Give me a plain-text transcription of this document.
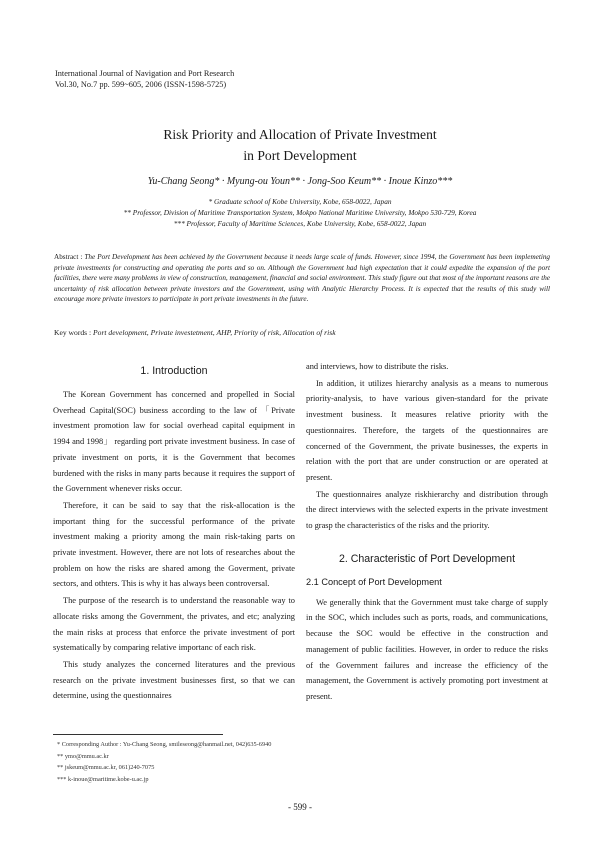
International Journal of Navigation and Port Research
Vol.30, No.7 pp. 599~605, 2006 (ISSN-1598-5725)
Risk Priority and Allocation of Private Investment
in Port Development
Yu-Chang Seong* · Myung-ou Youn** · Jong-Soo Keum** · Inoue Kinzo***
* Graduate school of Kobe University, Kobe, 658-0022, Japan
** Professor, Division of Maritime Transportation System, Mokpo National Maritime University, Mokpo 530-729, Korea
*** Professor, Faculty of Maritime Sciences, Kobe University, Kobe, 658-0022, Japan
Abstract : The Port Development has been achieved by the Government because it needs large scale of funds. However, since 1994, the Government has been implemeting private investments for constructing and operating the ports and so on. Although the Government had high expectation that it could expedite the expansion of the port facilities, there were many problems in view of construction, management, financial and social environment. This study figure out that most of the important reasons are the uncertainty of risk allocation between private investors and the Government, using with Analytic Hierarchy Process. It is expected that the results of this study will encourage more private investors to participate in port private investments in the future.
Key words : Port development, Private investetment, AHP, Priority of risk, Allocation of risk
1. Introduction

The Korean Government has concerned and propelled in Social Overhead Capital(SOC) business according to the law of 「Private investment promotion law for social overhead capital equipment in 1994 and 1998」 regarding port private investment business. In case of private investment on ports, it is the Government that becomes burdened with the risks in many parts because it requires the support of the Government whenever risks occur.

Therefore, it can be said to say that the risk-allocation is the important thing for the successful performance of the private investment making a priority among the main risk-taking parts on private investment. However, there are not lots of researches about the problem on how the risks are shared among the Goverment, private sectors, and othters. This is why it has always been controversal.

The purpose of the research is to understand the reasonable way to allocate risks among the Government, the privates, and etc; analyzing the main risks at process that enforce the private investment of port systematically by comparing relative importanc of each risk.

This study analyzes the concerned literatures and the previous research on the private investment businesses first, so that we can determine, using the questionnaires

and interviews, how to distribute the risks.

In addition, it utilizes hierarchy analysis as a means to numerous priority-analysis, to have various given-standard for the private investment business. It measures relative priority with the questionnaires. Therefore, the targets of the questionnaires are concerned of the Government, the private businesses, the experts in relation with the port that are under construction or are operated at present.

The questionnaires analyze riskhierarchy and distribution through the direct interviews with the selected experts in the private investment to grasp the characteristics of the risks and the priority.

2. Characteristic of Port Development
2.1 Concept of Port Development

We generally think that the Government must take charge of supply in the SOC, which includes such as ports, roads, and communications, because the SOC would be effective in the construction and management of public facilities. However, in order to reduce the risks of the Government failures and increase the efficiency of the management, the Government is actively promoting port investment at present.

* Corresponding Author : Yu-Chang Seong, smileseong@hanmail.net, 042)635-6940
** ymo@mmu.ac.kr
** jskeum@mmu.ac.kr, 061)240-7075
*** k-inoue@maritime.kobe-u.ac.jp
- 599 -
